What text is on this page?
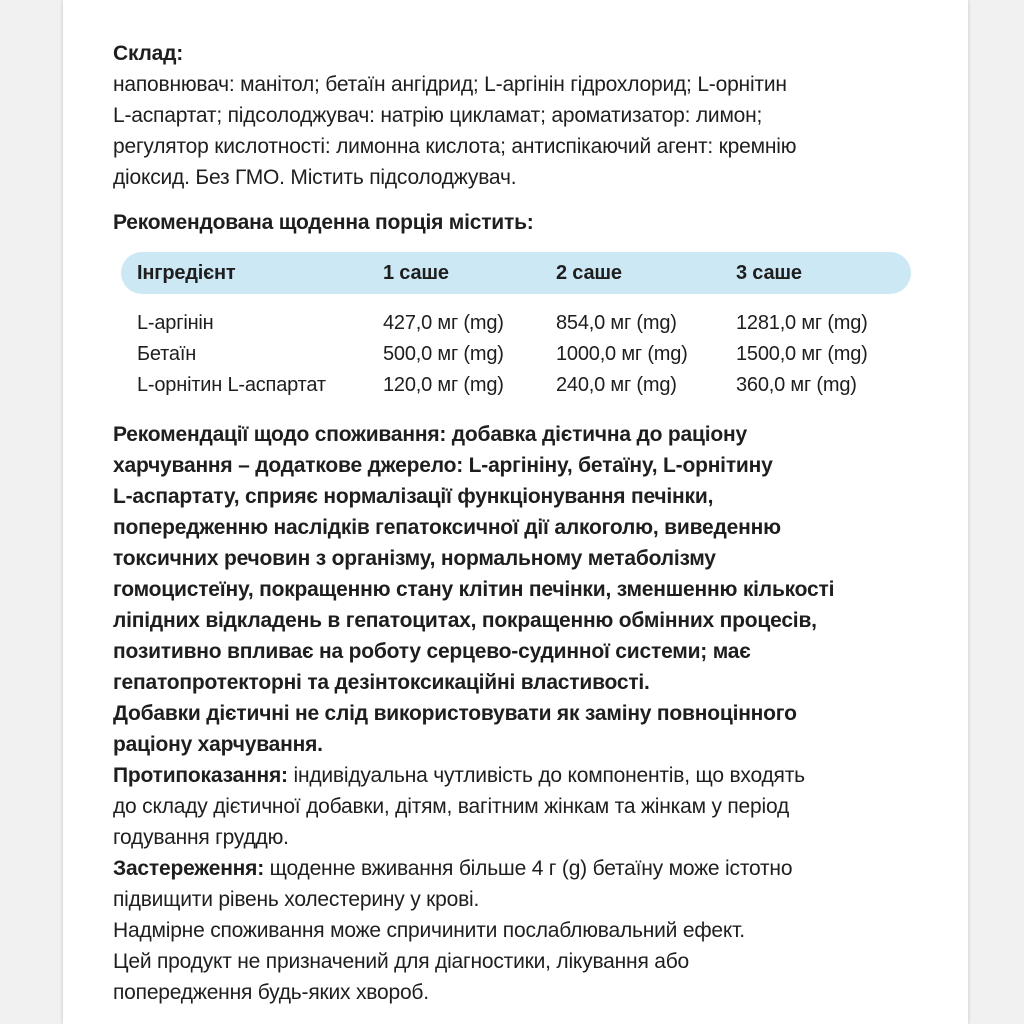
Склад:
наповнювач: манітол; бетаїн ангідрид; L-аргінін гідрохлорид; L-орнітин
L-аспартат; підсолоджувач: натрію цикламат; ароматизатор: лимон;
регулятор кислотності: лимонна кислота; антиспікаючий агент: кремнію
діоксид. Без ГМО. Містить підсолоджувач.
Рекомендована щоденна порція містить:
Інгредієнт	1 саше	2 саше	3 саше
L-аргінін	427,0 мг (mg)	854,0 мг (mg)	1281,0 мг (mg)
Бетаїн	500,0 мг (mg)	1000,0 мг (mg) 1500,0 мг (mg)
L-орнітин L-аспартат	120,0 мг (mg)	240,0 мг (mg)	360,0 мг (mg)
Рекомендації щодо споживання: добавка дієтична до раціону
харчування – додаткове джерело: L-аргініну, бетаїну, L-орнітину
L-аспартату, сприяє нормалізації функціонування печінки,
попередженню наслідків гепатоксичної дії алкоголю, виведенню
токсичних речовин з організму, нормальному метаболізму
гомоцистеїну, покращенню стану клітин печінки, зменшенню кількості
ліпідних відкладень в гепатоцитах, покращенню обмінних процесів,
позитивно впливає на роботу серцево-судинної системи; має
гепатопротекторні та дезінтоксикаційні властивості.
Добавки дієтичні не слід використовувати як заміну повноцінного
раціону харчування.
Протипоказання: індивідуальна чутливість до компонентів, що входять
до складу дієтичної добавки, дітям, вагітним жінкам та жінкам у період
годування груддю.
Застереження: щоденне вживання більше 4 г (g) бетаїну може істотно
підвищити рівень холестерину у крові.
Надмірне споживання може спричинити послаблювальний ефект.
Цей продукт не призначений для діагностики, лікування або
попередження будь-яких хвороб.
